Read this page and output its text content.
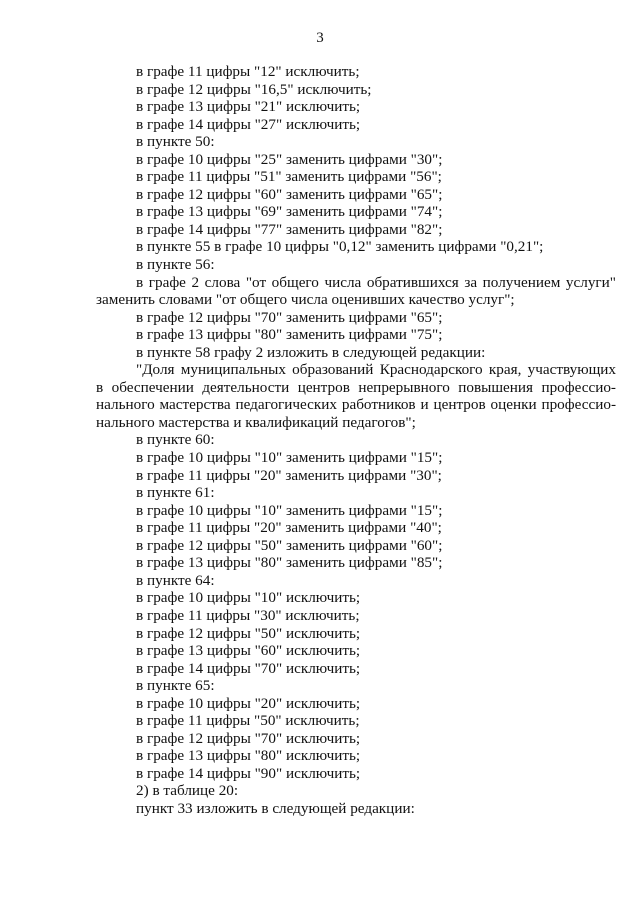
3
в графе 11 цифры "12" исключить;
в графе 12 цифры "16,5" исключить;
в графе 13 цифры "21" исключить;
в графе 14 цифры "27" исключить;
в пункте 50:
в графе 10 цифры "25" заменить цифрами "30";
в графе 11 цифры "51" заменить цифрами "56";
в графе 12 цифры "60" заменить цифрами "65";
в графе 13 цифры "69" заменить цифрами "74";
в графе 14 цифры "77" заменить цифрами "82";
в пункте 55 в графе 10 цифры "0,12" заменить цифрами "0,21";
в пункте 56:
в графе 2 слова "от общего числа обратившихся за получением услуги"
заменить словами "от общего числа оценивших качество услуг";
в графе 12 цифры "70" заменить цифрами "65";
в графе 13 цифры "80" заменить цифрами "75";
в пункте 58 графу 2 изложить в следующей редакции:
"Доля муниципальных образований Краснодарского края, участвующих
в обеспечении деятельности центров непрерывного повышения профессио-
нального мастерства педагогических работников и центров оценки профессио-
нального мастерства и квалификаций педагогов";
в пункте 60:
в графе 10 цифры "10" заменить цифрами "15";
в графе 11 цифры "20" заменить цифрами "30";
в пункте 61:
в графе 10 цифры "10" заменить цифрами "15";
в графе 11 цифры "20" заменить цифрами "40";
в графе 12 цифры "50" заменить цифрами "60";
в графе 13 цифры "80" заменить цифрами "85";
в пункте 64:
в графе 10 цифры "10" исключить;
в графе 11 цифры "30" исключить;
в графе 12 цифры "50" исключить;
в графе 13 цифры "60" исключить;
в графе 14 цифры "70" исключить;
в пункте 65:
в графе 10 цифры "20" исключить;
в графе 11 цифры "50" исключить;
в графе 12 цифры "70" исключить;
в графе 13 цифры "80" исключить;
в графе 14 цифры "90" исключить;
2) в таблице 20:
пункт 33 изложить в следующей редакции:
